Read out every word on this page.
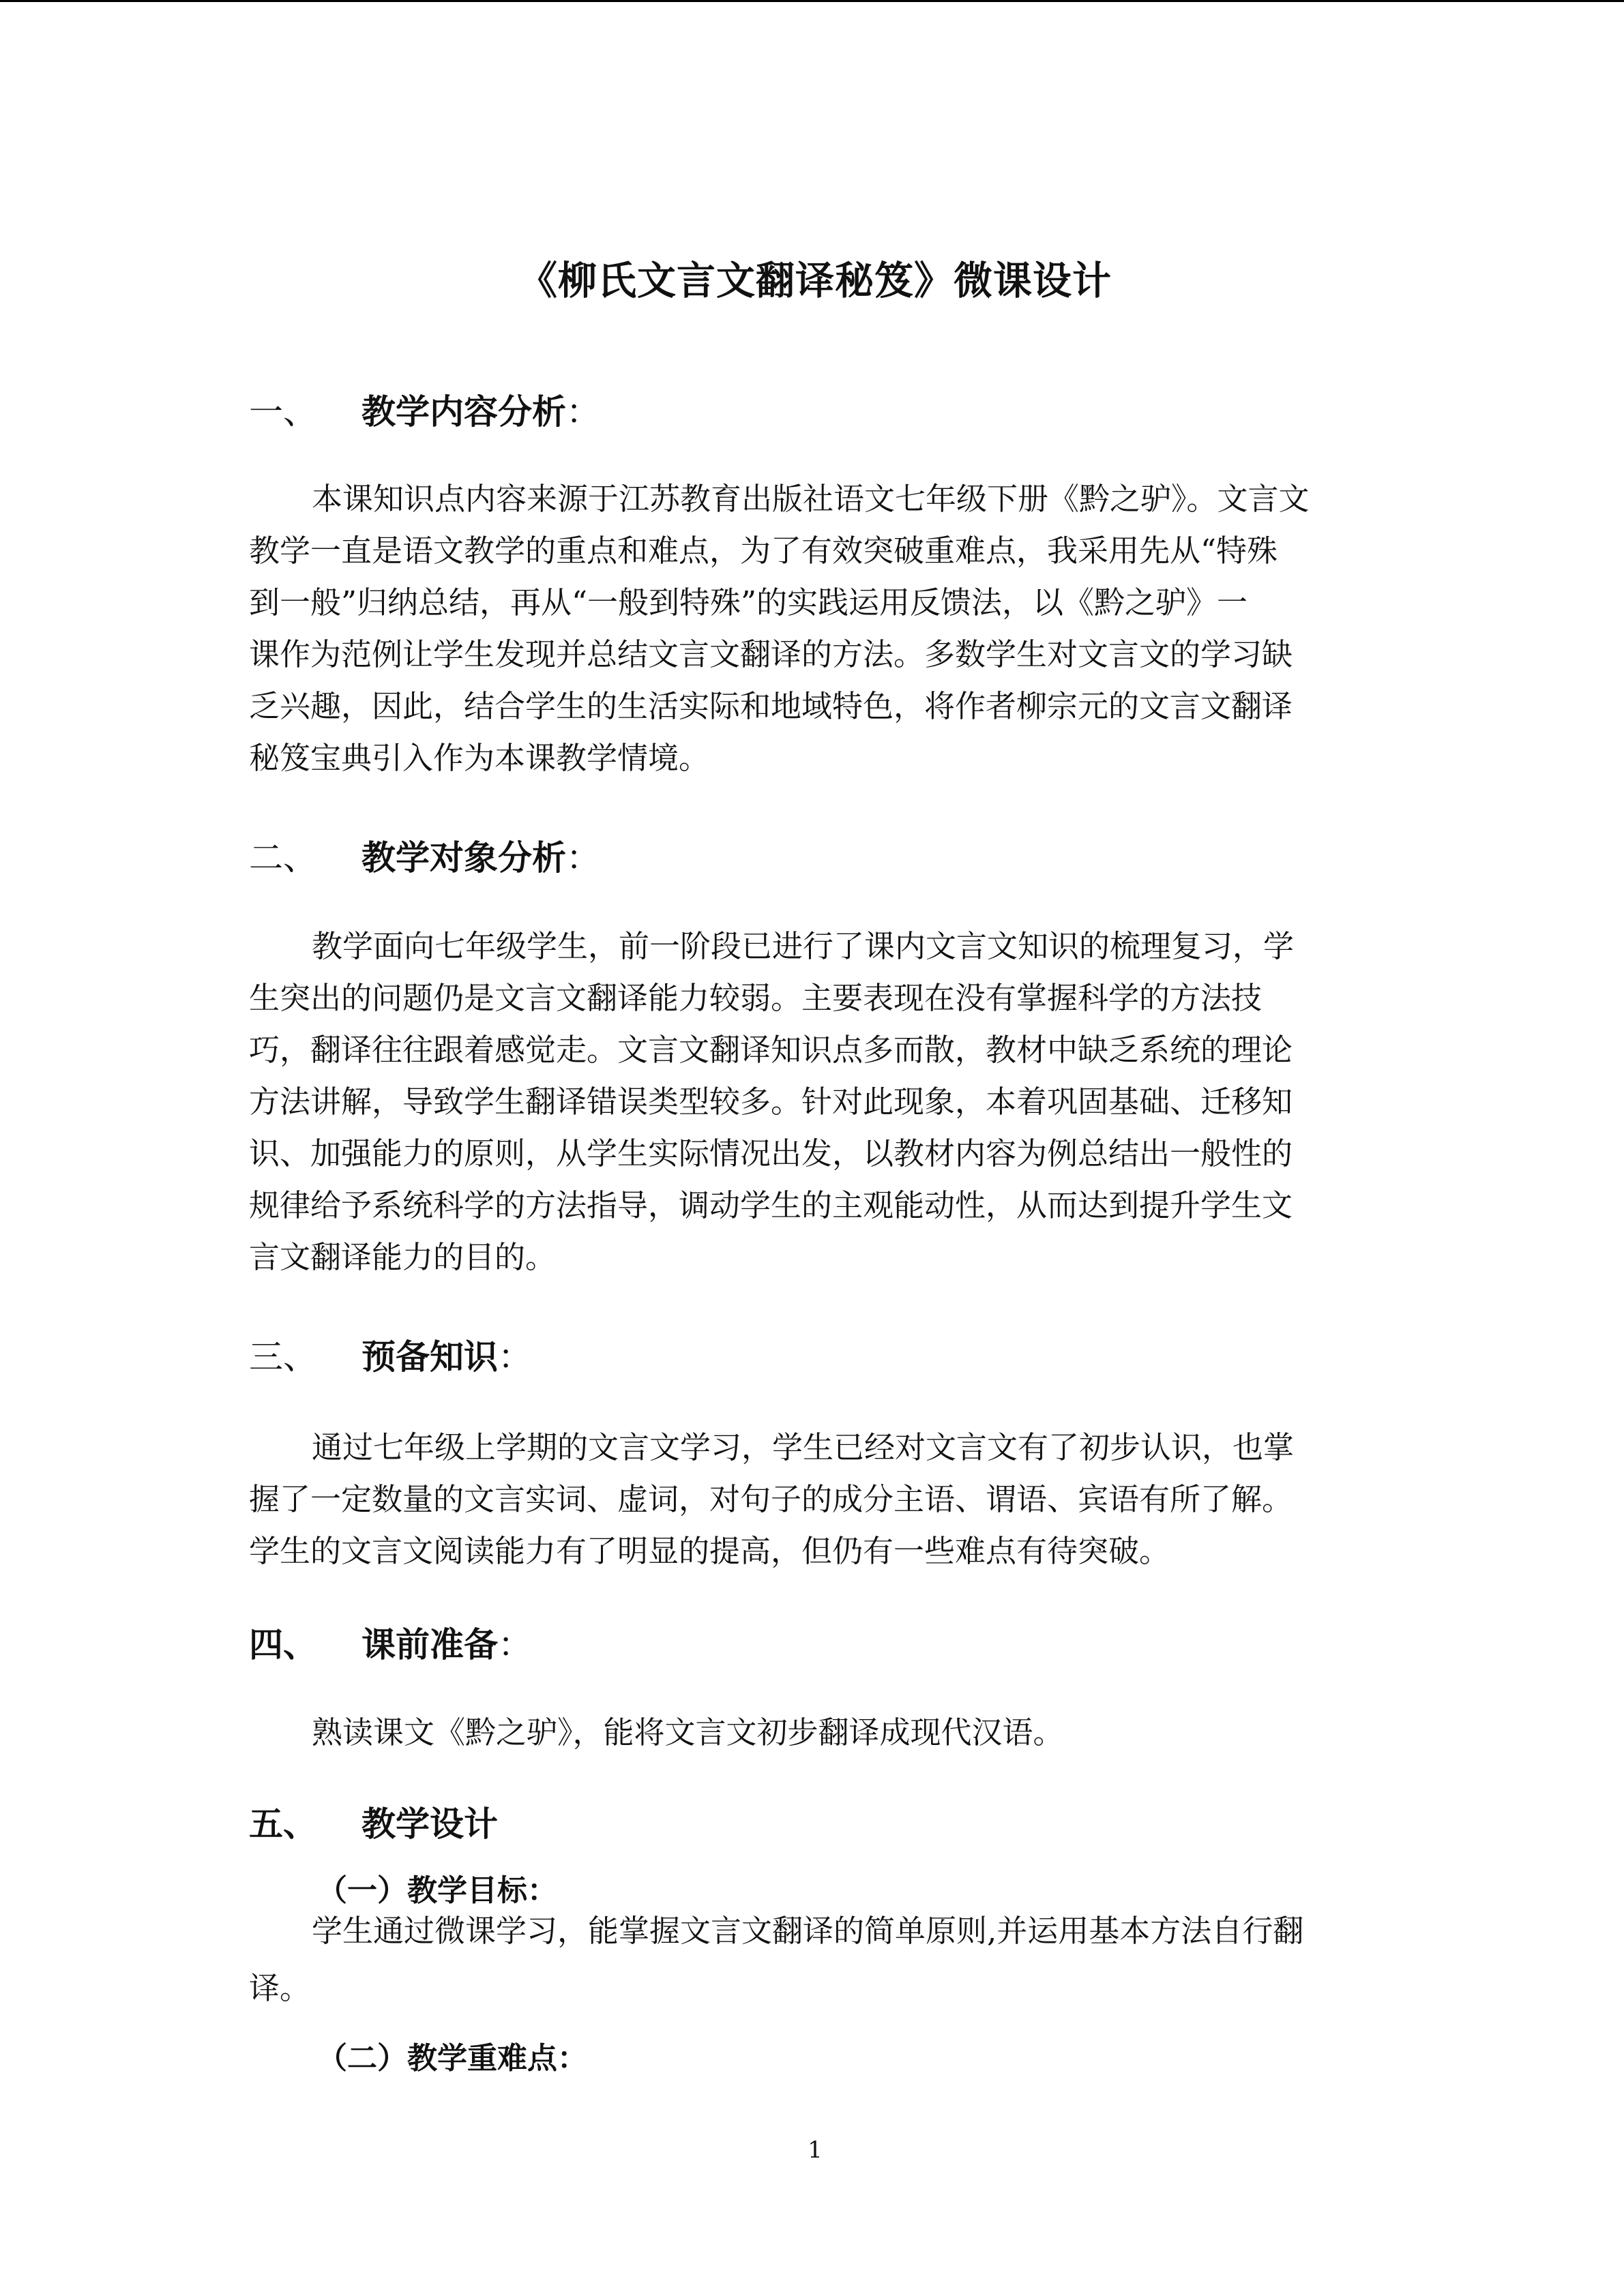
《柳氏文言文翻译秘笈》微课设计
一、 教学内容分析：
本课知识点内容来源于江苏教育出版社语文七年级下册《黔之驴》。文言文
教学一直是语文教学的重点和难点，为了有效突破重难点，我采用先从“特殊
到一般”归纳总结，再从“一般到特殊”的实践运用反馈法，以《黔之驴》一
课作为范例让学生发现并总结文言文翻译的方法。多数学生对文言文的学习缺
乏兴趣，因此，结合学生的生活实际和地域特色，将作者柳宗元的文言文翻译
秘笈宝典引入作为本课教学情境。
二、 教学对象分析：
教学面向七年级学生，前一阶段已进行了课内文言文知识的梳理复习，学
生突出的问题仍是文言文翻译能力较弱。主要表现在没有掌握科学的方法技
巧，翻译往往跟着感觉走。文言文翻译知识点多而散，教材中缺乏系统的理论
方法讲解，导致学生翻译错误类型较多。针对此现象，本着巩固基础、迁移知
识、加强能力的原则，从学生实际情况出发，以教材内容为例总结出一般性的
规律给予系统科学的方法指导，调动学生的主观能动性，从而达到提升学生文
言文翻译能力的目的。
三、 预备知识：
通过七年级上学期的文言文学习，学生已经对文言文有了初步认识，也掌
握了一定数量的文言实词、虚词，对句子的成分主语、谓语、宾语有所了解。
学生的文言文阅读能力有了明显的提高，但仍有一些难点有待突破。
四、 课前准备：
熟读课文《黔之驴》，能将文言文初步翻译成现代汉语。
五、 教学设计
（一）教学目标：
学生通过微课学习，能掌握文言文翻译的简单原则,并运用基本方法自行翻
译。
（二）教学重难点：
1
